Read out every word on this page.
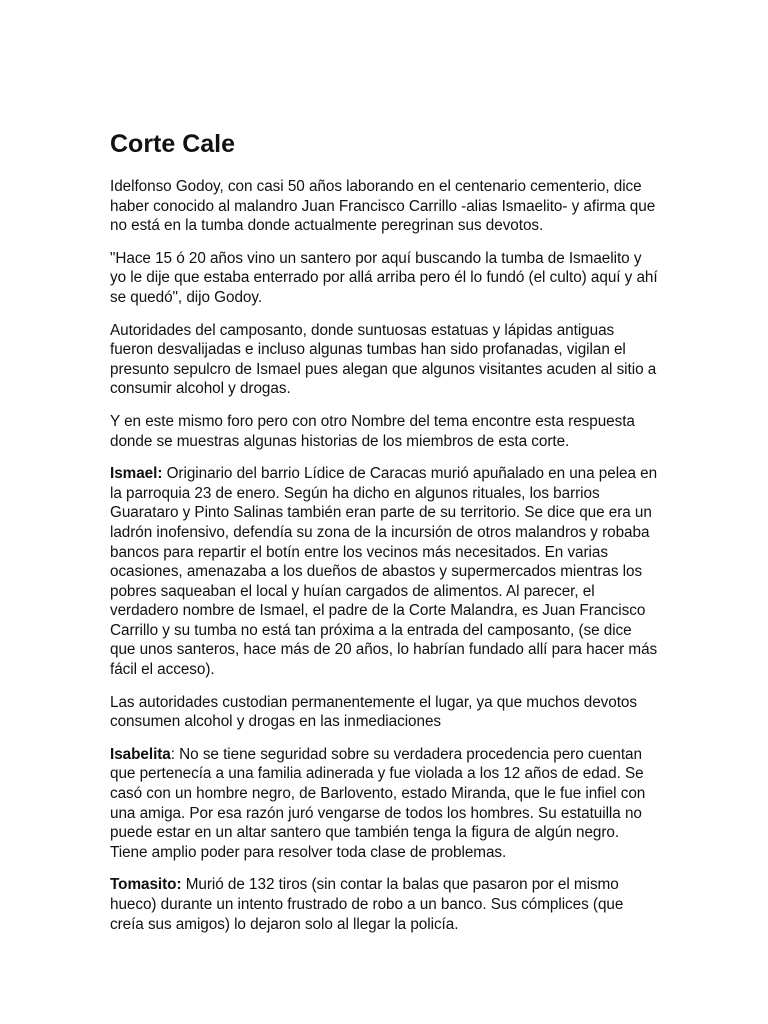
Corte Cale

Idelfonso Godoy, con casi 50 años laborando en el centenario cementerio, dice haber conocido al malandro Juan Francisco Carrillo -alias Ismaelito- y afirma que no está en la tumba donde actualmente peregrinan sus devotos.

"Hace 15 ó 20 años vino un santero por aquí buscando la tumba de Ismaelito y yo le dije que estaba enterrado por allá arriba pero él lo fundó (el culto) aquí y ahí se quedó", dijo Godoy.

Autoridades del camposanto, donde suntuosas estatuas y lápidas antiguas fueron desvalijadas e incluso algunas tumbas han sido profanadas, vigilan el presunto sepulcro de Ismael pues alegan que algunos visitantes acuden al sitio a consumir alcohol y drogas.

Y en este mismo foro pero con otro Nombre del tema encontre esta respuesta donde se muestras algunas historias de los miembros de esta corte.

Ismael: Originario del barrio Lídice de Caracas murió apuñalado en una pelea en la parroquia 23 de enero. Según ha dicho en algunos rituales, los barrios Guarataro y Pinto Salinas también eran parte de su territorio. Se dice que era un ladrón inofensivo, defendía su zona de la incursión de otros malandros y robaba bancos para repartir el botín entre los vecinos más necesitados. En varias ocasiones, amenazaba a los dueños de abastos y supermercados mientras los pobres saqueaban el local y huían cargados de alimentos. Al parecer, el verdadero nombre de Ismael, el padre de la Corte Malandra, es Juan Francisco Carrillo y su tumba no está tan próxima a la entrada del camposanto, (se dice que unos santeros, hace más de 20 años, lo habrían fundado allí para hacer más fácil el acceso).

Las autoridades custodian permanentemente el lugar, ya que muchos devotos consumen alcohol y drogas en las inmediaciones

Isabelita: No se tiene seguridad sobre su verdadera procedencia pero cuentan que pertenecía a una familia adinerada y fue violada a los 12 años de edad. Se casó con un hombre negro, de Barlovento, estado Miranda, que le fue infiel con una amiga. Por esa razón juró vengarse de todos los hombres. Su estatuilla no puede estar en un altar santero que también tenga la figura de algún negro. Tiene amplio poder para resolver toda clase de problemas.

Tomasito: Murió de 132 tiros (sin contar la balas que pasaron por el mismo hueco) durante un intento frustrado de robo a un banco. Sus cómplices (que creía sus amigos) lo dejaron solo al llegar la policía.
